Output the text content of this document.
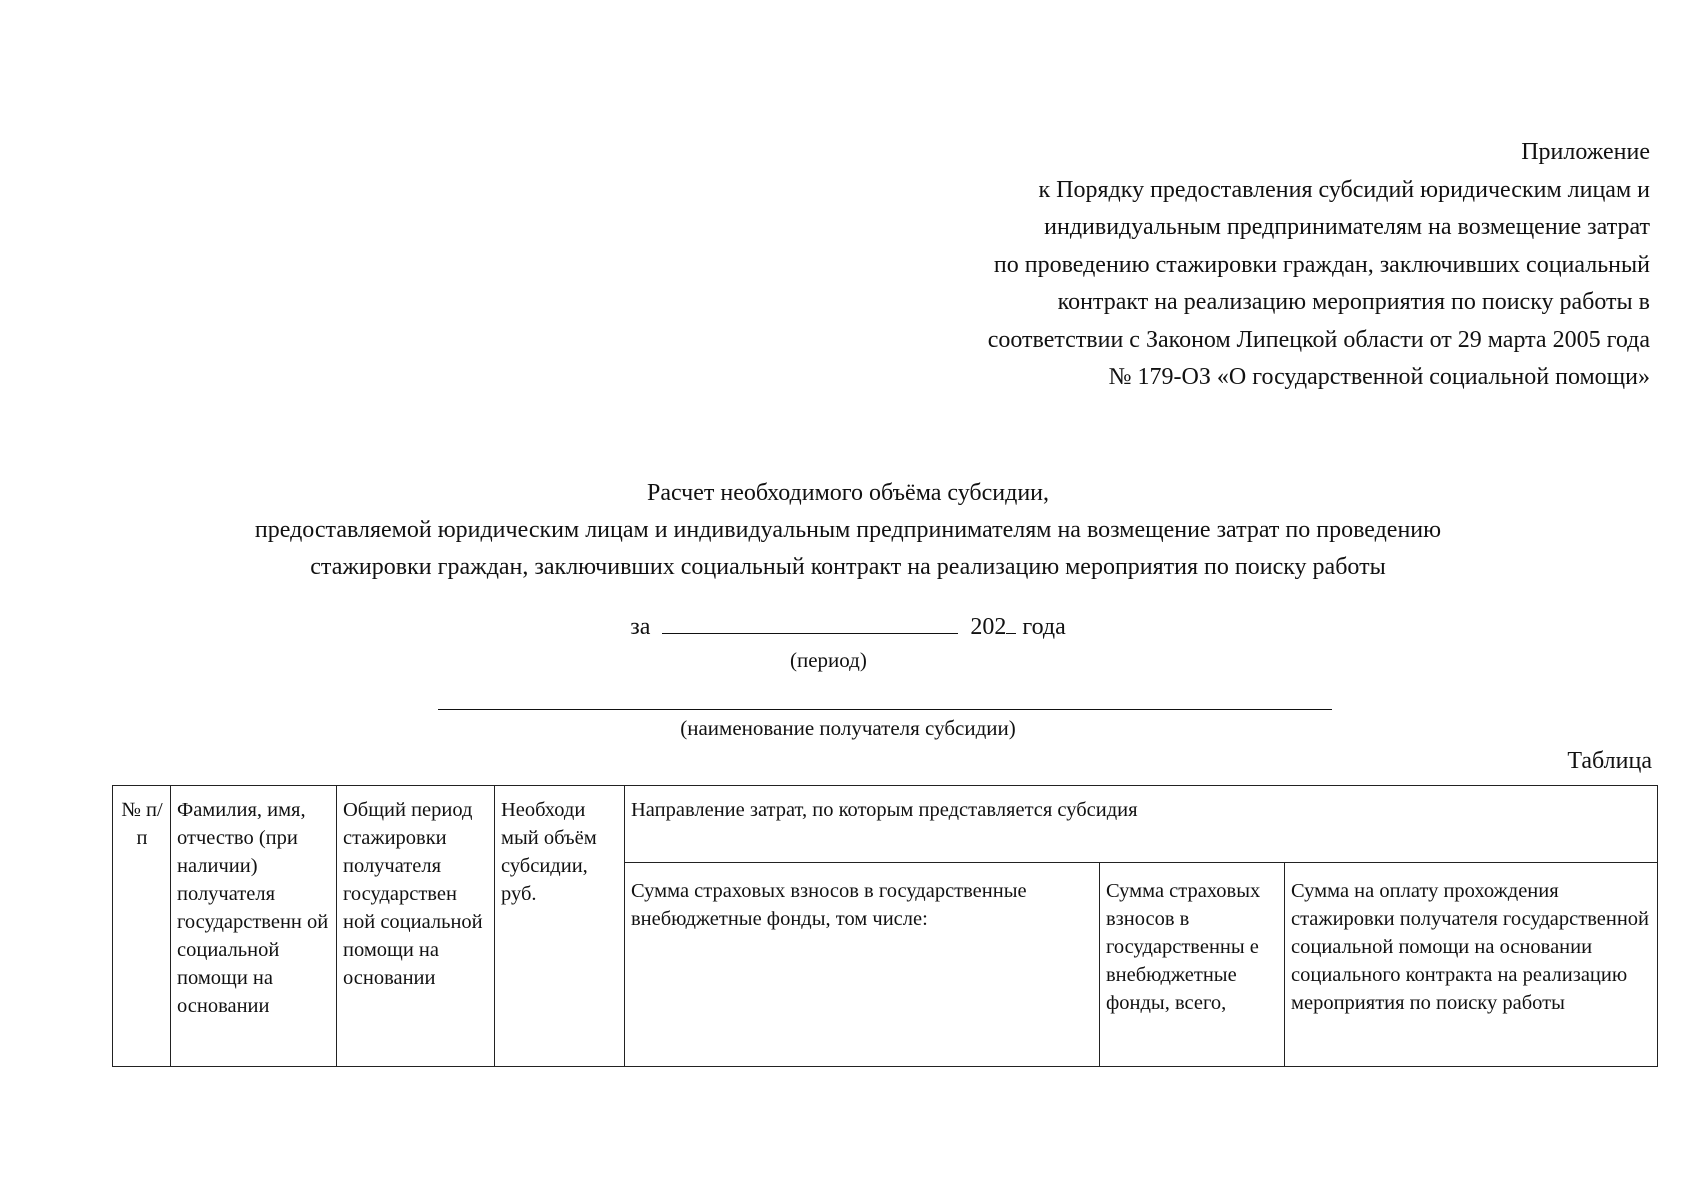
Приложение
к Порядку предоставления субсидий юридическим лицам и
индивидуальным предпринимателям на возмещение затрат
по проведению стажировки граждан, заключивших социальный
контракт на реализацию мероприятия по поиску работы в
соответствии с Законом Липецкой области от 29 марта 2005 года
№ 179-ОЗ «О государственной социальной помощи»
Расчет необходимого объёма субсидии,
предоставляемой юридическим лицам и индивидуальным предпринимателям на возмещение затрат по проведению
стажировки граждан, заключивших социальный контракт на реализацию мероприятия по поиску работы
за	202 года
(период)
(наименование получателя субсидии)
Таблица
№ п/п	Фамилия, имя, отчество (при наличии) получателя государственн ой социальной помощи на основании	Общий период стажировки получателя государствен ной социальной помощи на основании	Необходи мый объём субсидии, руб.	Направление затрат, по которым представляется субсидия		
				Сумма страховых взносов в государственные внебюджетные фонды, том числе:	Сумма страховых взносов в государственны е внебюджетные фонды, всего,	Сумма на оплату прохождения стажировки получателя государственной социальной помощи на основании социального контракта на реализацию мероприятия по поиску работы
